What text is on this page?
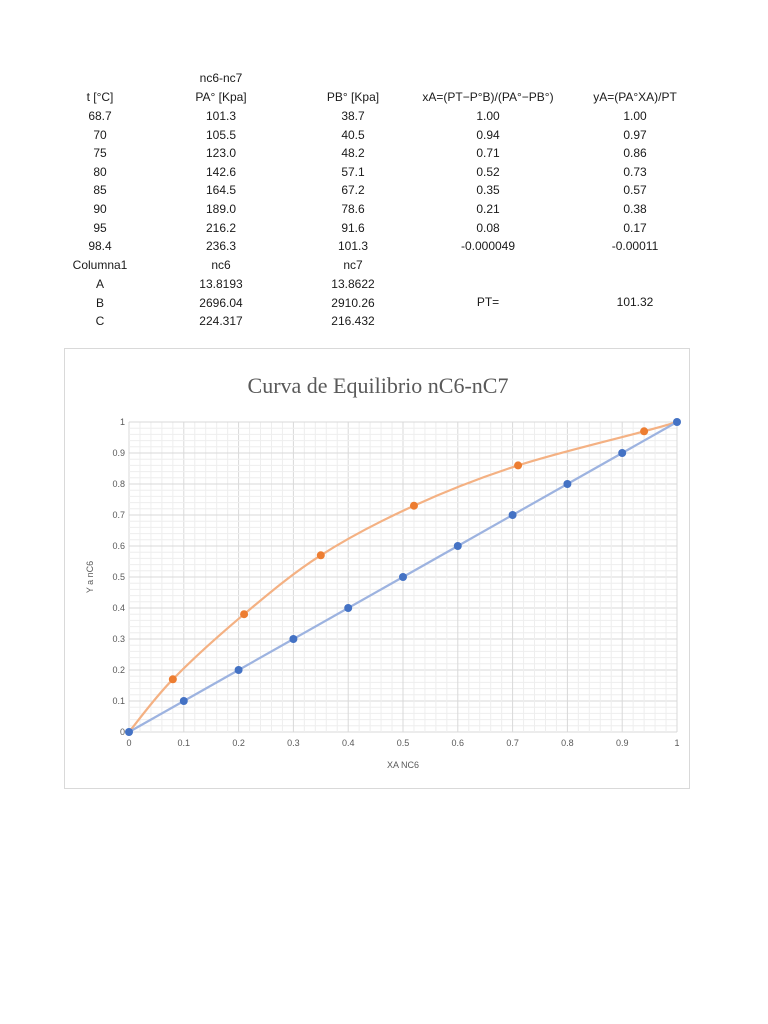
nc6-nc7
t [°C]	PA° [Kpa]	PB° [Kpa]	xA=(PT−P°B)/(PA°−PB°)	yA=(PA°XA)/PT
68.7	101.3	38.7	1.00	1.00
70	105.5	40.5	0.94	0.97
75	123.0	48.2	0.71	0.86
80	142.6	57.1	0.52	0.73
85	164.5	67.2	0.35	0.57
90	189.0	78.6	0.21	0.38
95	216.2	91.6	0.08	0.17
98.4	236.3	101.3	-0.000049	-0.00011
Columna1	nc6	nc7
A	13.8193	13.8622
B	2696.04	2910.26
C	224.317	216.432
PT=	101.32
0	0.1	0.2	0.3	0.4	0.5	0.6	0.7	0.8	0.9	1
0
0.1
0.2
0.3
0.4
0.5
0.6
0.7
0.8
0.9
1
Curva de Equilibrio nC6-nC7
XA NC6
Y a nC6
